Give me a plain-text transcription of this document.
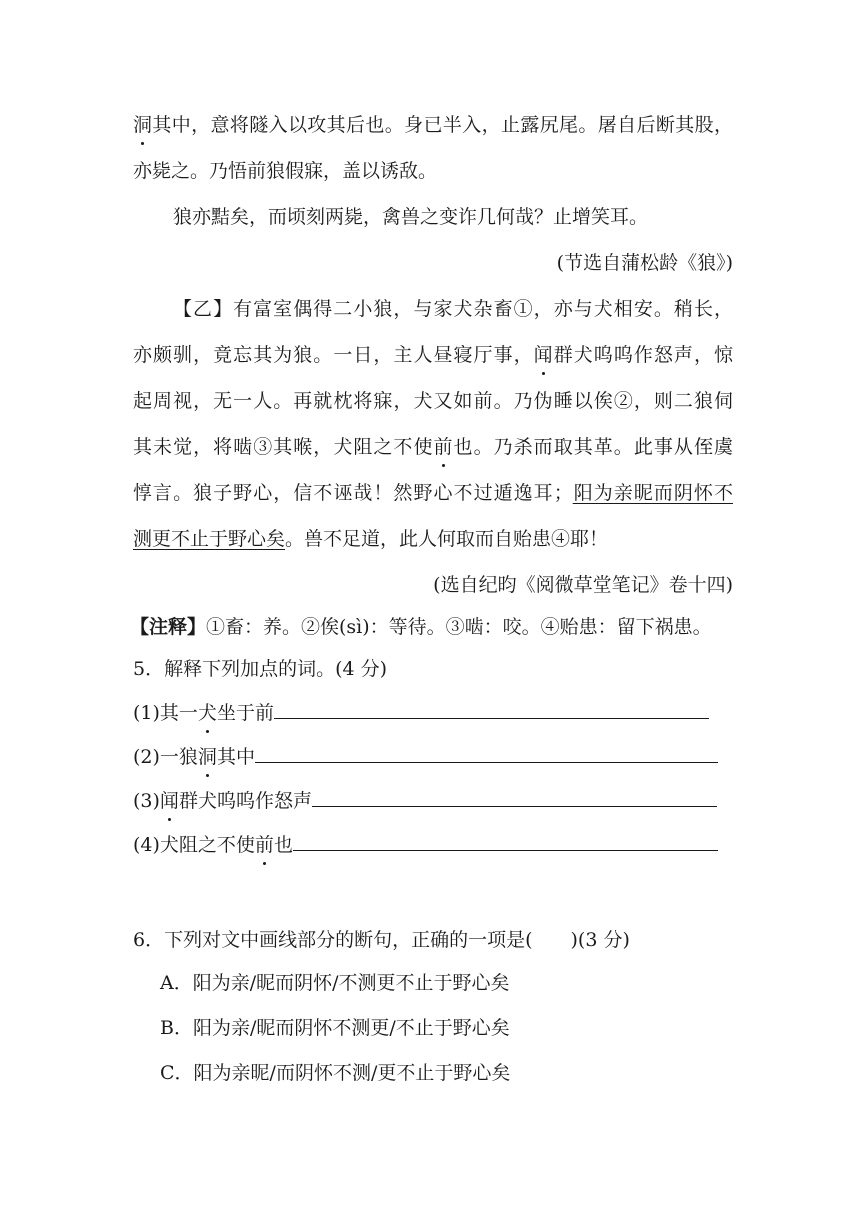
洞其中，意将隧入以攻其后也。身已半入，止露尻尾。屠自后断其股，
亦毙之。乃悟前狼假寐，盖以诱敌。
狼亦黠矣，而顷刻两毙，禽兽之变诈几何哉？止增笑耳。
(节选自蒲松龄《狼》)
【乙】有富室偶得二小狼，与家犬杂畜①，亦与犬相安。稍长，
亦颇驯，竟忘其为狼。一日，主人昼寝厅事，闻群犬呜呜作怒声，惊
起周视，无一人。再就枕将寐，犬又如前。乃伪睡以俟②，则二狼伺
其未觉，将啮③其喉，犬阻之不使前也。乃杀而取其革。此事从侄虞
惇言。狼子野心，信不诬哉！然野心不过遁逸耳；阳为亲昵而阴怀不
测更不止于野心矣。兽不足道，此人何取而自贻患④耶！
(选自纪昀《阅微草堂笔记》卷十四)
【注释】①畜：养。②俟(sì)：等待。③啮：咬。④贻患：留下祸患。
5．解释下列加点的词。(4 分)
(1)其一犬坐于前
(2)一狼洞其中
(3)闻群犬呜呜作怒声
(4)犬阻之不使前也
6．下列对文中画线部分的断句，正确的一项是(　　)(3 分)
A．阳为亲/昵而阴怀/不测更不止于野心矣
B．阳为亲/昵而阴怀不测更/不止于野心矣
C．阳为亲昵/而阴怀不测/更不止于野心矣
